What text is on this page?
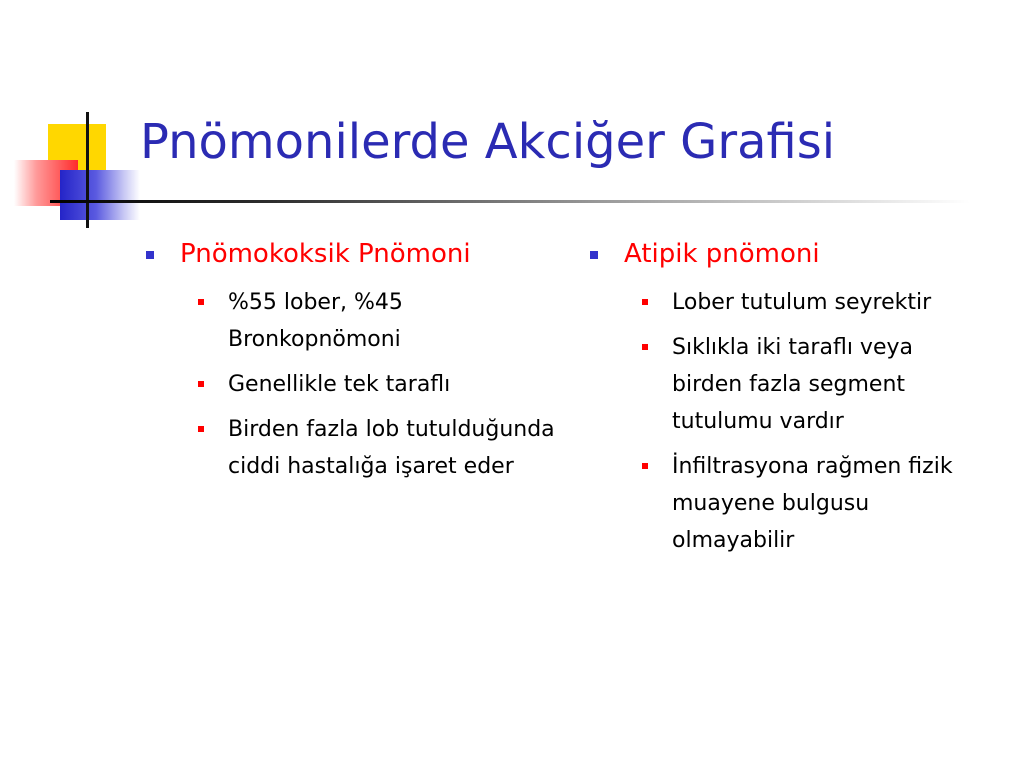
Pnömonilerde Akciğer Grafisi
Pnömokoksik Pnömoni
%55 lober, %45 Bronkopnömoni
Genellikle tek taraflı
Birden fazla lob tutulduğunda ciddi hastalığa işaret eder
Atipik pnömoni
Lober tutulum seyrektir
Sıklıkla iki taraflı veya birden fazla segment tutulumu vardır
İnfiltrasyona rağmen fizik muayene bulgusu olmayabilir
